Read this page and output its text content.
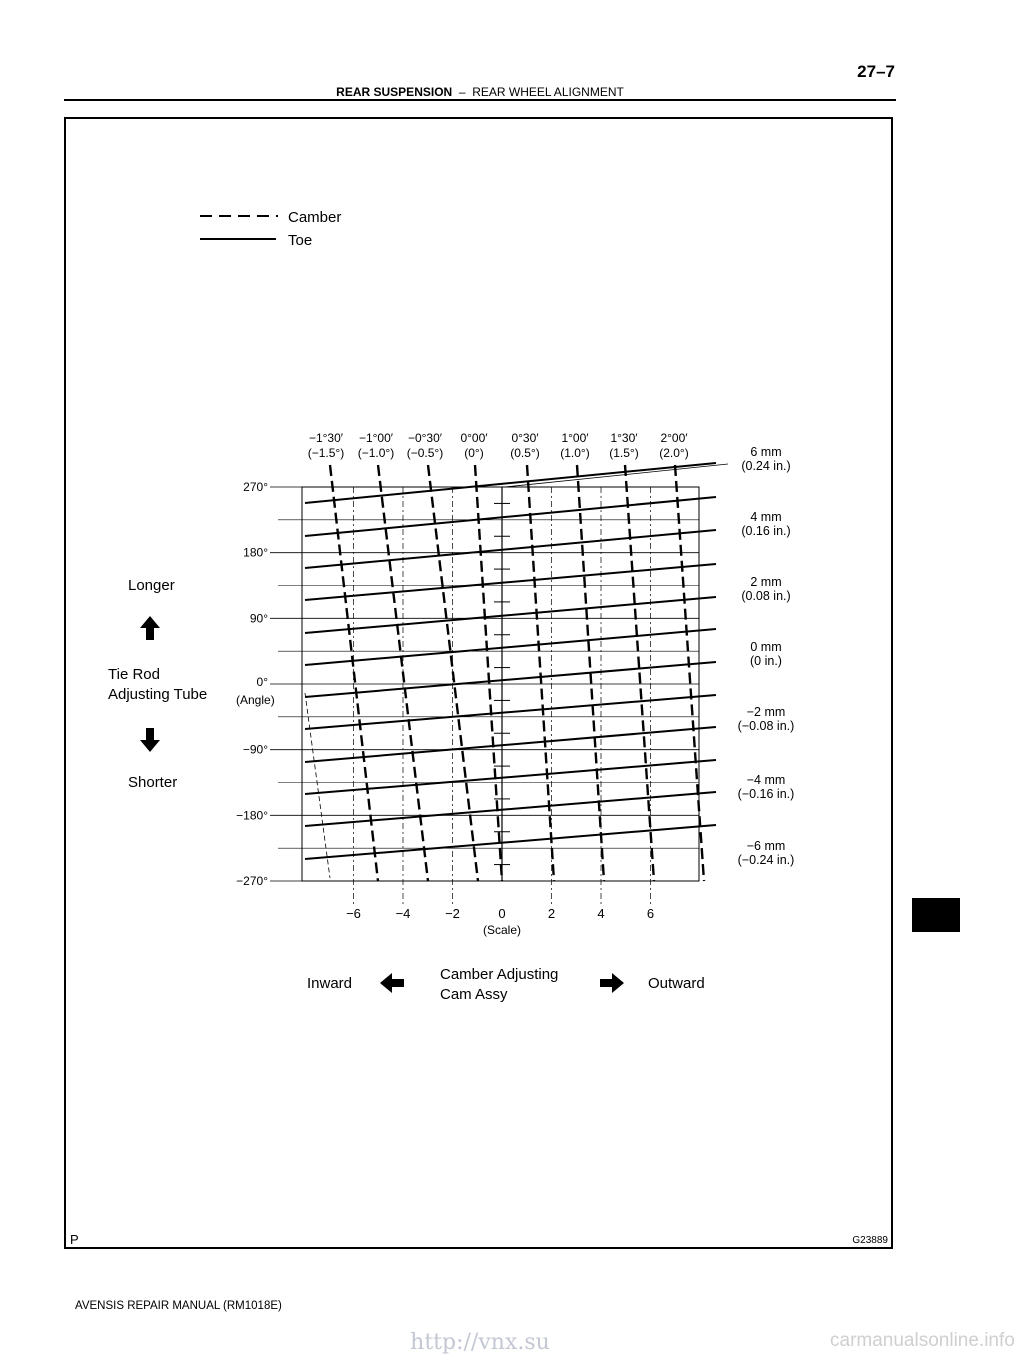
27–7
REAR SUSPENSION – REAR WHEEL ALIGNMENT
Camber
Toe
270°
180°
90°
0°
−90°
−180°
−270°
(Angle)
−6	−4	−2	0	2	4	6
(Scale)
−1°30′
(−1.5°)
−1°00′
(−1.0°)
−0°30′
(−0.5°)
0°00′
(0°)
0°30′
(0.5°)
1°00′
(1.0°)
1°30′
(1.5°)
2°00′
(2.0°)	6 mm
(0.24 in.)
4 mm
(0.16 in.)
2 mm
(0.08 in.)
0 mm
(0 in.)
−2 mm
(−0.08 in.)
−4 mm
(−0.16 in.)
−6 mm
(−0.24 in.)
Longer
Tie Rod
Adjusting Tube
Shorter
Inward
Camber Adjusting
Cam Assy
Outward
P	G23889
AVENSIS REPAIR MANUAL (RM1018E)
http://vnx.su	carmanualsonline.info
